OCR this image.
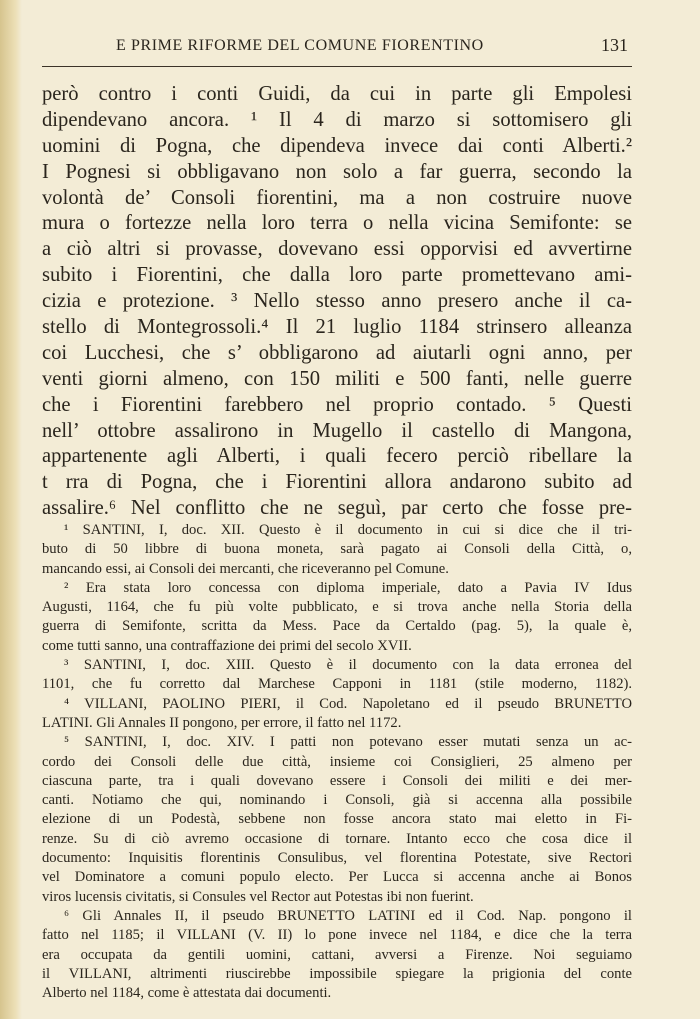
E PRIME RIFORME DEL COMUNE FIORENTINO	131
però contro i conti Guidi, da cui in parte gli Empolesi
dipendevano ancora. ¹ Il 4 di marzo si sottomisero gli
uomini di Pogna, che dipendeva invece dai conti Alberti.²
I Pognesi si obbligavano non solo a far guerra, secondo la
volontà de’ Consoli fiorentini, ma a non costruire nuove
mura o fortezze nella loro terra o nella vicina Semifonte: se
a ciò altri si provasse, dovevano essi opporvisi ed avvertirne
subito i Fiorentini, che dalla loro parte promettevano ami-
cizia e protezione. ³ Nello stesso anno presero anche il ca-
stello di Montegrossoli.⁴ Il 21 luglio 1184 strinsero alleanza
coi Lucchesi, che s’ obbligarono ad aiutarli ogni anno, per
venti giorni almeno, con 150 militi e 500 fanti, nelle guerre
che i Fiorentini farebbero nel proprio contado. ⁵ Questi
nell’ ottobre assalirono in Mugello il castello di Mangona,
appartenente agli Alberti, i quali fecero perciò ribellare la
t rra di Pogna, che i Fiorentini allora andarono subito ad
assalire.⁶ Nel conflitto che ne seguì, par certo che fosse pre-
¹ SANTINI, I, doc. XII. Questo è il documento in cui si dice che il tri-
buto di 50 libbre di buona moneta, sarà pagato ai Consoli della Città, o,
mancando essi, ai Consoli dei mercanti, che riceveranno pel Comune.
² Era stata loro concessa con diploma imperiale, dato a Pavia IV Idus
Augusti, 1164, che fu più volte pubblicato, e si trova anche nella Storia della
guerra di Semifonte, scritta da Mess. Pace da Certaldo (pag. 5), la quale è,
come tutti sanno, una contraffazione dei primi del secolo XVII.
³ SANTINI, I, doc. XIII. Questo è il documento con la data erronea del
1101, che fu corretto dal Marchese Capponi in 1181 (stile moderno, 1182).
⁴ VILLANI, PAOLINO PIERI, il Cod. Napoletano ed il pseudo BRUNETTO
LATINI. Gli Annales II pongono, per errore, il fatto nel 1172.
⁵ SANTINI, I, doc. XIV. I patti non potevano esser mutati senza un ac-
cordo dei Consoli delle due città, insieme coi Consiglieri, 25 almeno per
ciascuna parte, tra i quali dovevano essere i Consoli dei militi e dei mer-
canti. Notiamo che qui, nominando i Consoli, già si accenna alla possibile
elezione di un Podestà, sebbene non fosse ancora stato mai eletto in Fi-
renze. Su di ciò avremo occasione di tornare. Intanto ecco che cosa dice il
documento: Inquisitis florentinis Consulibus, vel florentina Potestate, sive Rectori
vel Dominatore a comuni populo electo. Per Lucca si accenna anche ai Bonos
viros lucensis civitatis, si Consules vel Rector aut Potestas ibi non fuerint.
⁶ Gli Annales II, il pseudo BRUNETTO LATINI ed il Cod. Nap. pongono il
fatto nel 1185; il VILLANI (V. II) lo pone invece nel 1184, e dice che la terra
era occupata da gentili uomini, cattani, avversi a Firenze. Noi seguiamo
il VILLANI, altrimenti riuscirebbe impossibile spiegare la prigionia del conte
Alberto nel 1184, come è attestata dai documenti.
